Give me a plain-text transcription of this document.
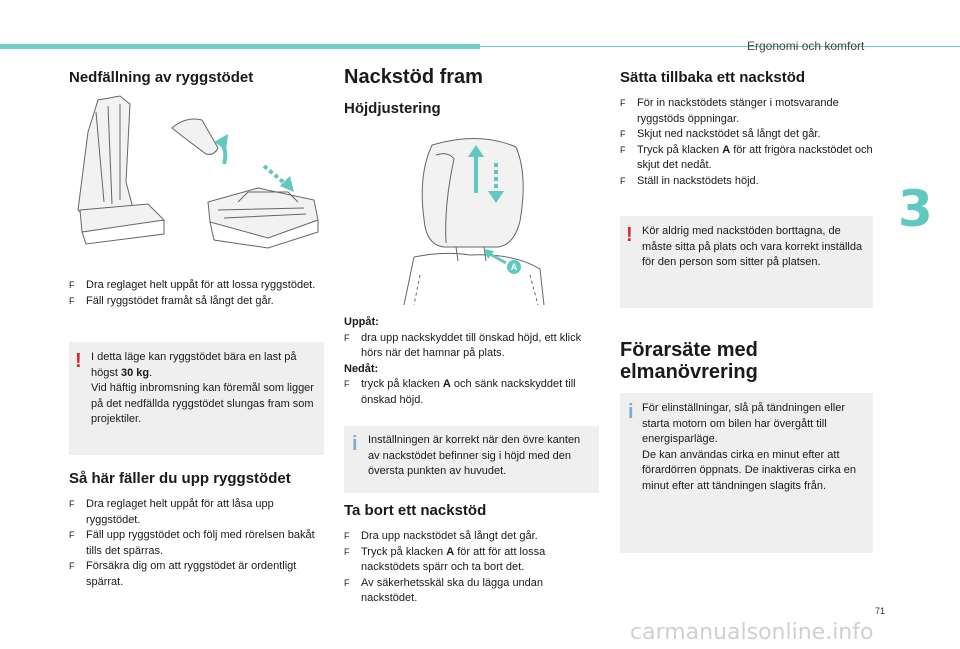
Ergonomi och komfort
3
71
carmanualsonline.info
Nedfällning av ryggstödet
F Dra reglaget helt uppåt för att lossa ryggstödet.
F Fäll ryggstödet framåt så långt det går.
! I detta läge kan ryggstödet bära en last på högst 30 kg.
Vid häftig inbromsning kan föremål som ligger på det nedfällda ryggstödet slungas fram som projektiler.
Så här fäller du upp ryggstödet
F Dra reglaget helt uppåt för att låsa upp ryggstödet.
F Fäll upp ryggstödet och följ med rörelsen bakåt tills det spärras.
F Försäkra dig om att ryggstödet är ordentligt spärrat.
Nackstöd fram
Höjdjustering
A
Uppåt:
F dra upp nackskyddet till önskad höjd, ett klick hörs när det hamnar på plats.
Nedåt:
F tryck på klacken A och sänk nackskyddet till önskad höjd.
i Inställningen är korrekt när den övre kanten av nackstödet befinner sig i höjd med den översta punkten av huvudet.
Ta bort ett nackstöd
F Dra upp nackstödet så långt det går.
F Tryck på klacken A för att för att lossa nackstödets spärr och ta bort det.
F Av säkerhetsskäl ska du lägga undan nackstödet.
Sätta tillbaka ett nackstöd
F För in nackstödets stänger i motsvarande ryggstöds öppningar.
F Skjut ned nackstödet så långt det går.
F Tryck på klacken A för att frigöra nackstödet och skjut det nedåt.
F Ställ in nackstödets höjd.
! Kör aldrig med nackstöden borttagna, de måste sitta på plats och vara korrekt inställda för den person som sitter på platsen.
Förarsäte med
elmanövrering
i För elinställningar, slå på tändningen eller starta motorn om bilen har övergått till energisparläge.
De kan användas cirka en minut efter att förardörren öppnats. De inaktiveras cirka en minut efter att tändningen slagits från.
